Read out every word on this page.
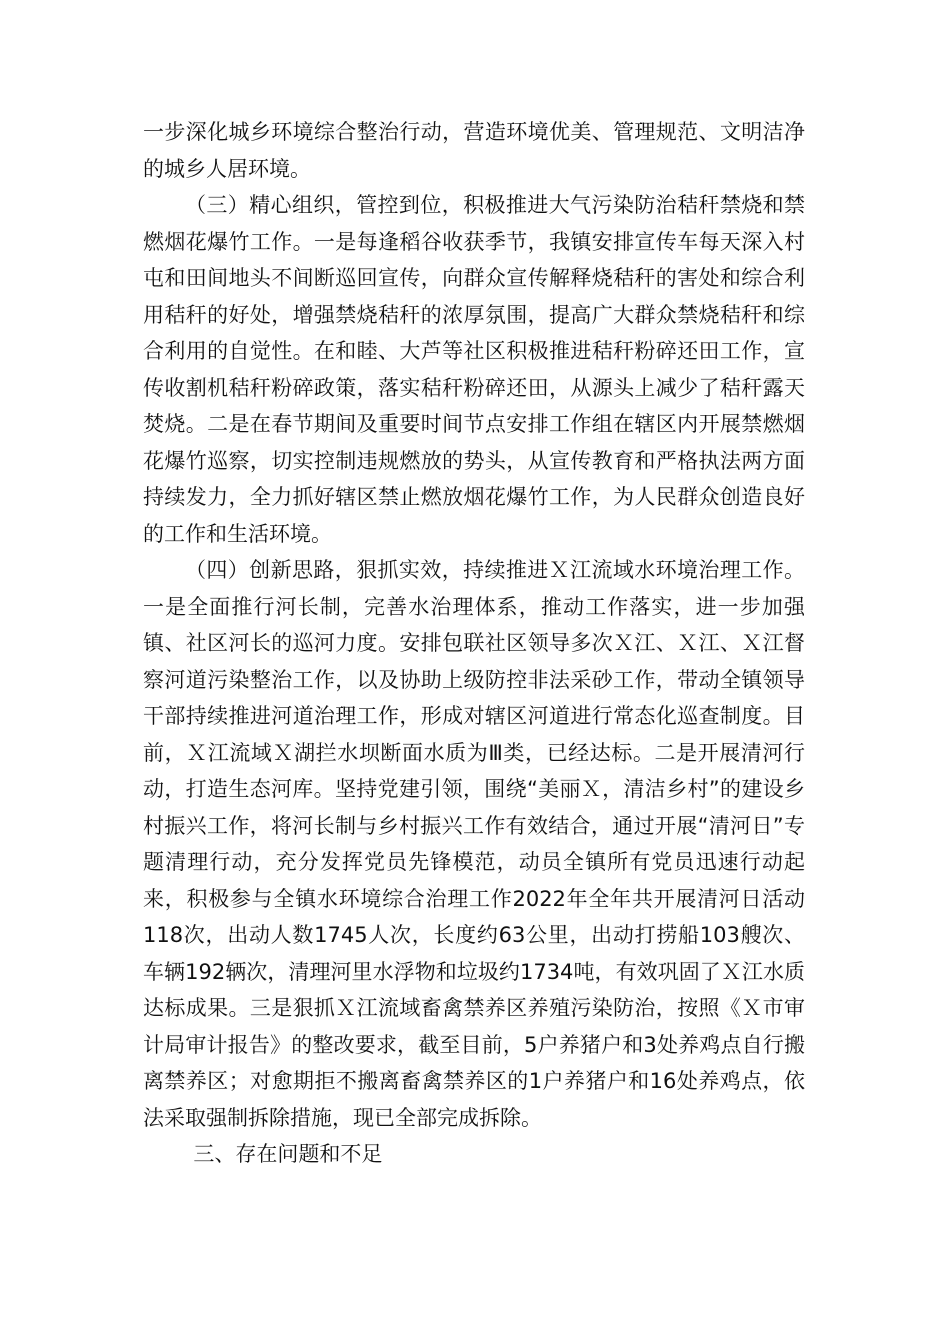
一步深化城乡环境综合整治行动，营造环境优美、管理规范、文明洁净的城乡人居环境。

（三）精心组织，管控到位，积极推进大气污染防治秸秆禁烧和禁燃烟花爆竹工作。一是每逢稻谷收获季节，我镇安排宣传车每天深入村屯和田间地头不间断巡回宣传，向群众宣传解释烧秸秆的害处和综合利用秸秆的好处，增强禁烧秸秆的浓厚氛围，提高广大群众禁烧秸秆和综合利用的自觉性。在和睦、大芦等社区积极推进秸秆粉碎还田工作，宣传收割机秸秆粉碎政策，落实秸秆粉碎还田，从源头上减少了秸秆露天焚烧。二是在春节期间及重要时间节点安排工作组在辖区内开展禁燃烟花爆竹巡察，切实控制违规燃放的势头，从宣传教育和严格执法两方面持续发力，全力抓好辖区禁止燃放烟花爆竹工作，为人民群众创造良好的工作和生活环境。

（四）创新思路，狠抓实效，持续推进Ｘ江流域水环境治理工作。一是全面推行河长制，完善水治理体系，推动工作落实，进一步加强镇、社区河长的巡河力度。安排包联社区领导多次Ｘ江、Ｘ江、Ｘ江督察河道污染整治工作，以及协助上级防控非法采砂工作，带动全镇领导干部持续推进河道治理工作，形成对辖区河道进行常态化巡查制度。目前，Ｘ江流域Ｘ湖拦水坝断面水质为Ⅲ类，已经达标。二是开展清河行动，打造生态河库。坚持党建引领，围绕“美丽Ｘ，清洁乡村”的建设乡村振兴工作，将河长制与乡村振兴工作有效结合，通过开展“清河日”专题清理行动，充分发挥党员先锋模范，动员全镇所有党员迅速行动起来，积极参与全镇水环境综合治理工作2022年全年共开展清河日活动118次，出动人数1745人次，长度约63公里，出动打捞船103艘次、车辆192辆次，清理河里水浮物和垃圾约1734吨，有效巩固了Ｘ江水质达标成果。三是狠抓Ｘ江流域畜禽禁养区养殖污染防治，按照《Ｘ市审计局审计报告》的整改要求，截至目前，5户养猪户和3处养鸡点自行搬离禁养区；对愈期拒不搬离畜禽禁养区的1户养猪户和16处养鸡点，依法采取强制拆除措施，现已全部完成拆除。

三、存在问题和不足
